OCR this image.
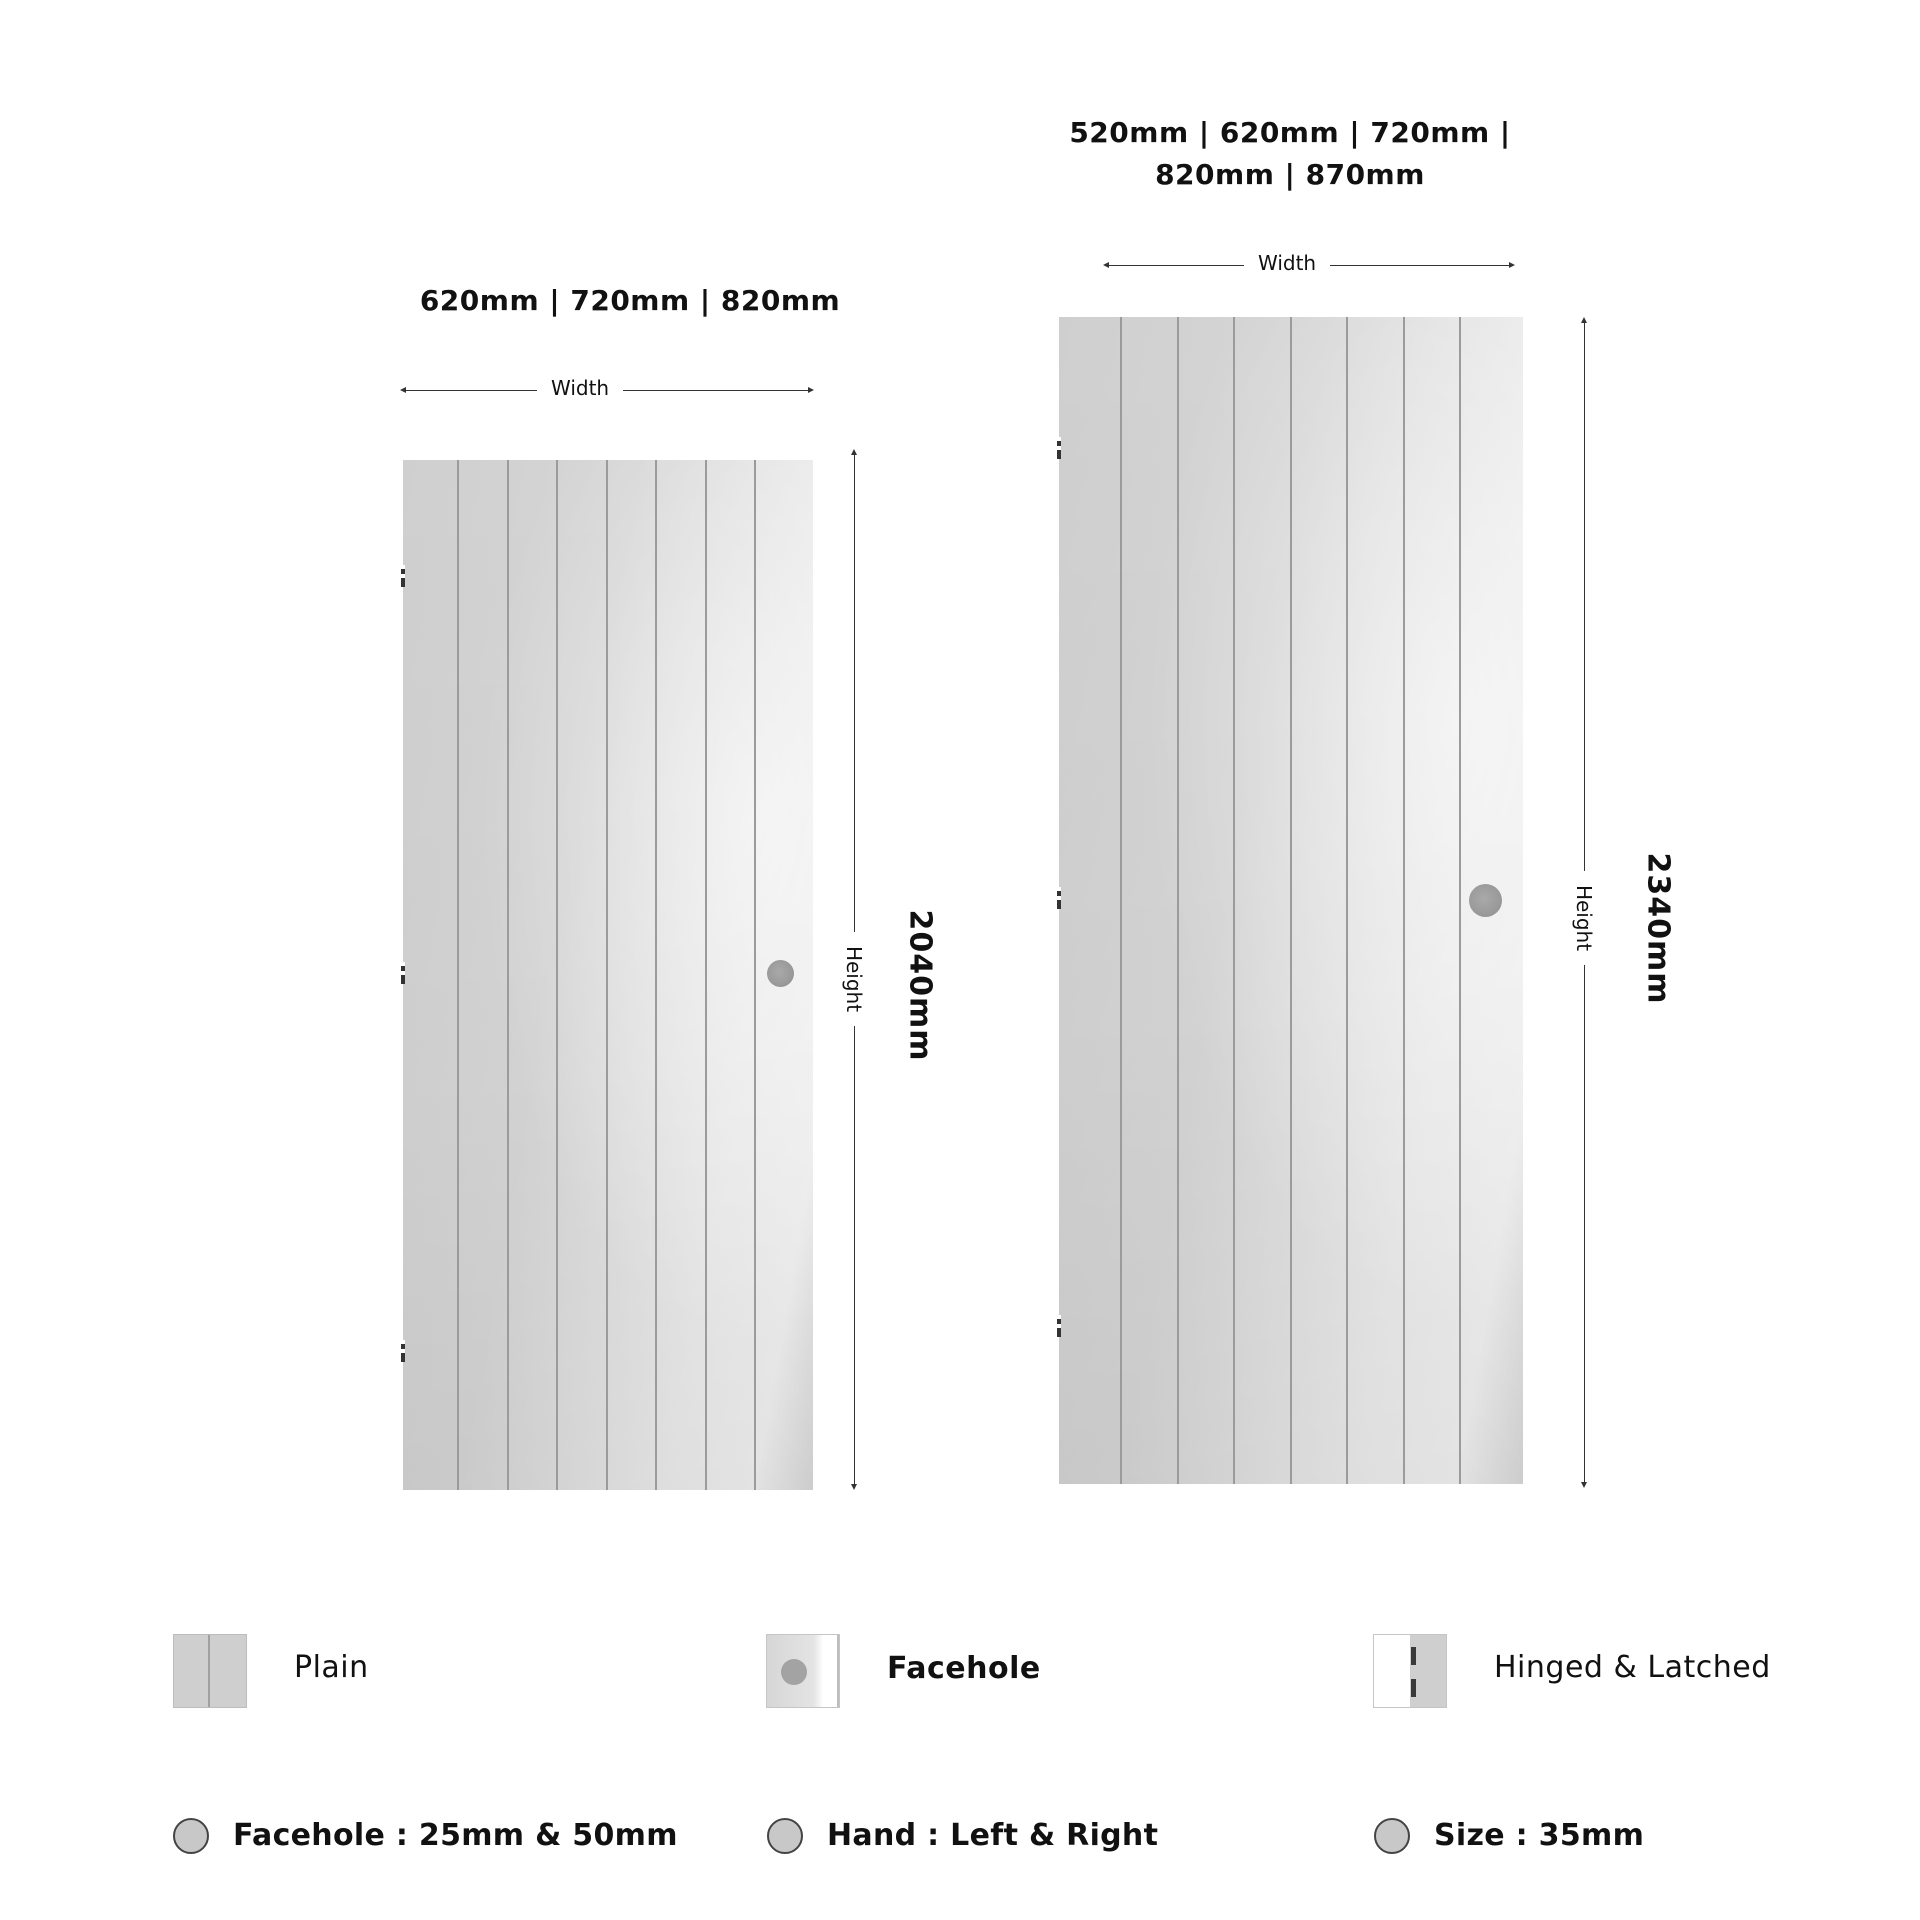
620mm | 720mm | 820mm
Width
Height 2040mm
520mm | 620mm | 720mm |
820mm | 870mm
Width
Height 2340mm
Plain	Facehole	Hinged & Latched
Facehole : 25mm & 50mm	Hand : Left & Right	Size : 35mm
